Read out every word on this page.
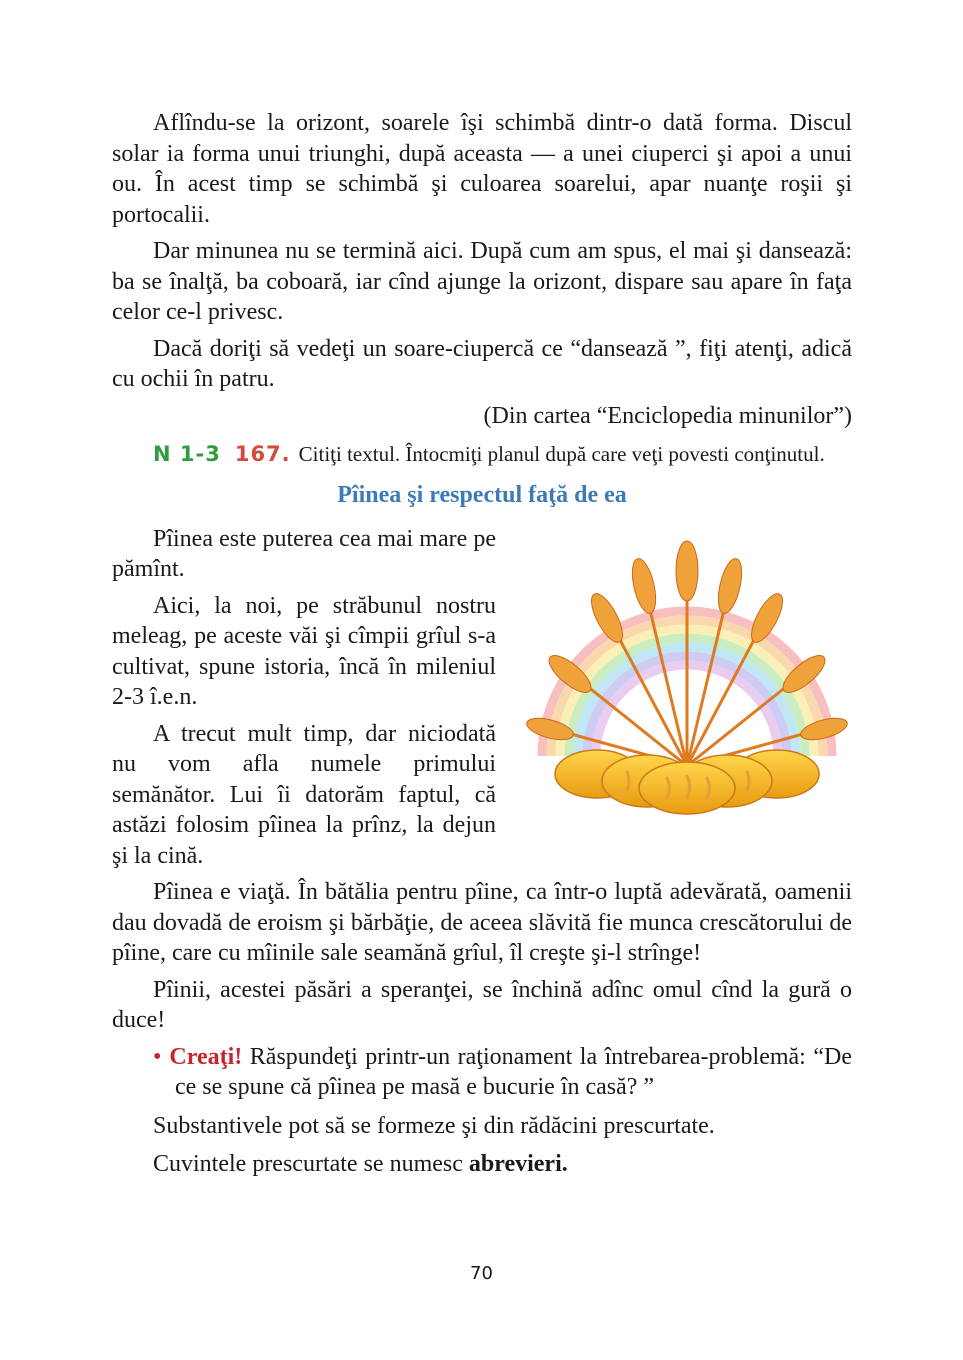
Aflîndu-se la orizont, soarele îşi schimbă dintr-o dată forma. Discul solar ia forma unui triunghi, după aceasta — a unei ciuperci şi apoi a unui ou. În acest timp se schimbă şi culoarea soarelui, apar nuanţe roşii şi portocalii.

Dar minunea nu se termină aici. După cum am spus, el mai şi dansează: ba se înalţă, ba coboară, iar cînd ajunge la orizont, dispare sau apare în faţa celor ce-l privesc.

Dacă doriţi să vedeţi un soare-ciupercă ce “dansează ”, fiţi atenţi, adică cu ochii în patru.

(Din cartea “Enciclopedia minunilor”)

N 1-3 167. Citiţi textul. Întocmiţi planul după care veţi povesti conţinutul.

Pîinea şi respectul faţă de ea

Pîinea este puterea cea mai mare pe pămînt.

Aici, la noi, pe străbunul nostru meleag, pe aceste văi şi cîmpii grîul s-a cultivat, spune istoria, încă în mileniul 2-3 î.e.n.

A trecut mult timp, dar niciodată nu vom afla numele primului semănător. Lui îi datorăm faptul, că astăzi folosim pîinea la prînz, la dejun şi la cină.

Pîinea e viaţă. În bătălia pentru pîine, ca într-o luptă adevărată, oamenii dau dovadă de eroism şi bărbăţie, de aceea slăvită fie munca crescătorului de pîine, care cu mîinile sale seamănă grîul, îl creşte şi-l strînge!

Pîinii, acestei păsări a speranţei, se închină adînc omul cînd la gură o duce!

• Creaţi! Răspundeţi printr-un raţionament la întrebarea-problemă: “De ce se spune că pîinea pe masă e bucurie în casă? ”

Substantivele pot să se formeze şi din rădăcini prescurtate.

Cuvintele prescurtate se numesc abrevieri.

70
